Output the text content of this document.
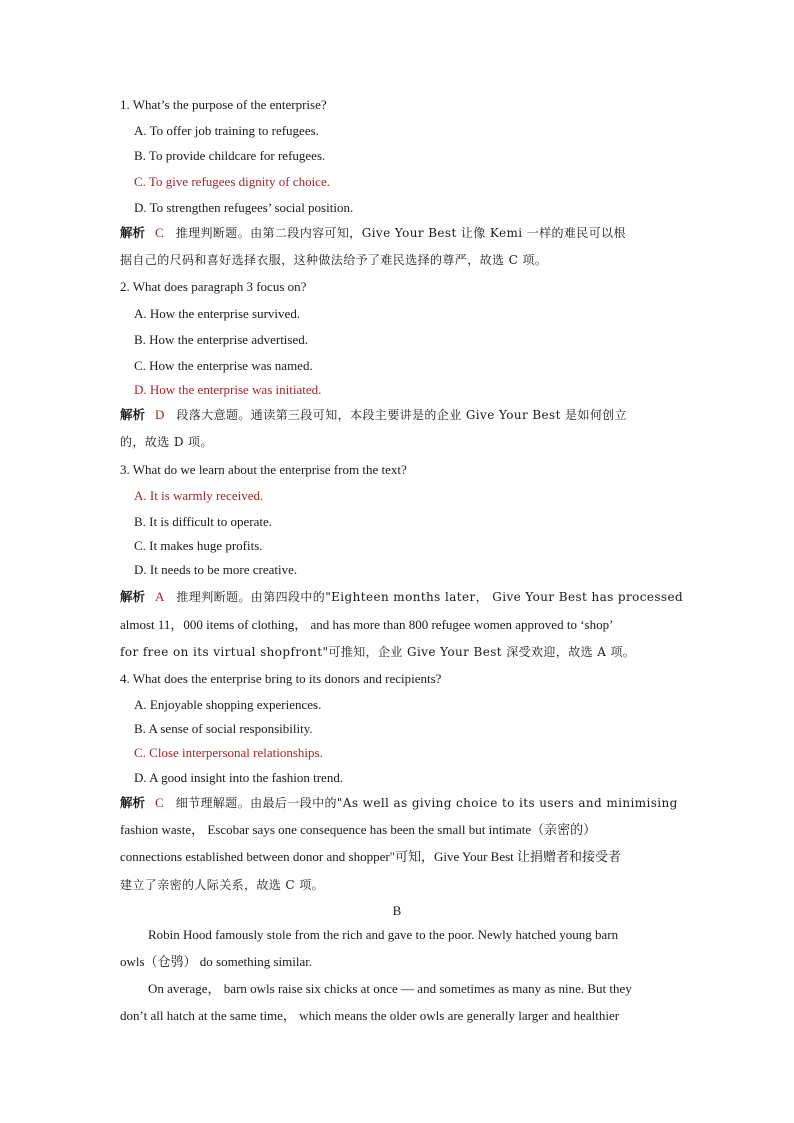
1. What’s the purpose of the enterprise?
A. To offer job training to refugees.
B. To provide childcare for refugees.
C. To give refugees dignity of choice.
D. To strengthen refugees’ social position.
解析 C 推理判断题。由第二段内容可知，Give Your Best 让像 Kemi 一样的难民可以根
据自己的尺码和喜好选择衣服，这种做法给予了难民选择的尊严，故选 C 项。
2. What does paragraph 3 focus on?
A. How the enterprise survived.
B. How the enterprise advertised.
C. How the enterprise was named.
D. How the enterprise was initiated.
解析 D 段落大意题。通读第三段可知，本段主要讲是的企业 Give Your Best 是如何创立
的，故选 D 项。
3. What do we learn about the enterprise from the text?
A. It is warmly received.
B. It is difficult to operate.
C. It makes huge profits.
D. It needs to be more creative.
解析 A 推理判断题。由第四段中的"Eighteen months later， Give Your Best has processed
almost 11，000 items of clothing， and has more than 800 refugee women approved to ‘shop’
for free on its virtual shopfront"可推知，企业 Give Your Best 深受欢迎，故选 A 项。
4. What does the enterprise bring to its donors and recipients?
A. Enjoyable shopping experiences.
B. A sense of social responsibility.
C. Close interpersonal relationships.
D. A good insight into the fashion trend.
解析 C 细节理解题。由最后一段中的"As well as giving choice to its users and minimising
fashion waste， Escobar says one consequence has been the small but intimate（亲密的）
connections established between donor and shopper"可知，Give Your Best 让捐赠者和接受者
建立了亲密的人际关系，故选 C 项。
B
Robin Hood famously stole from the rich and gave to the poor. Newly hatched young barn
owls（仓鸮） do something similar.
On average， barn owls raise six chicks at once — and sometimes as many as nine. But they
don’t all hatch at the same time， which means the older owls are generally larger and healthier
